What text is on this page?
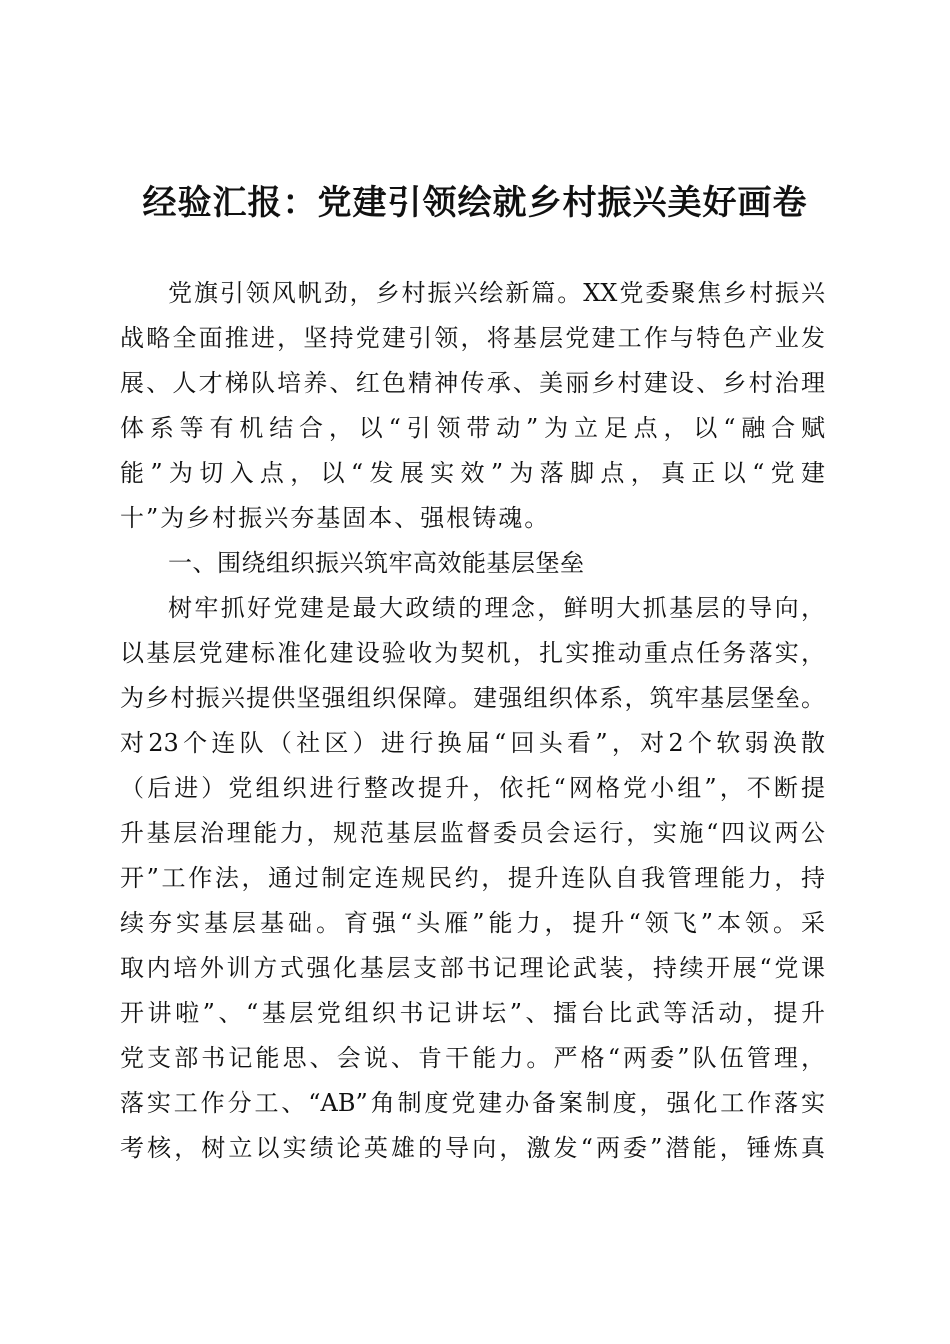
经验汇报：党建引领绘就乡村振兴美好画卷

党旗引领风帆劲，乡村振兴绘新篇。XX党委聚焦乡村振兴

战略全面推进，坚持党建引领，将基层党建工作与特色产业发

展、人才梯队培养、红色精神传承、美丽乡村建设、乡村治理

体系等有机结合，以“引领带动”为立足点，以“融合赋

能”为切入点，以“发展实效”为落脚点，真正以“党建

十”为乡村振兴夯基固本、强根铸魂。

一、围绕组织振兴筑牢高效能基层堡垒

树牢抓好党建是最大政绩的理念，鲜明大抓基层的导向，

以基层党建标准化建设验收为契机，扎实推动重点任务落实，

为乡村振兴提供坚强组织保障。建强组织体系，筑牢基层堡垒。

对23个连队（社区）进行换届“回头看”，对2个软弱涣散

（后进）党组织进行整改提升，依托“网格党小组”，不断提

升基层治理能力，规范基层监督委员会运行，实施“四议两公

开”工作法，通过制定连规民约，提升连队自我管理能力，持

续夯实基层基础。育强“头雁”能力，提升“领飞”本领。采

取内培外训方式强化基层支部书记理论武装，持续开展“党课

开讲啦”、“基层党组织书记讲坛”、擂台比武等活动，提升

党支部书记能思、会说、肯干能力。严格“两委”队伍管理，

落实工作分工、“AB”角制度党建办备案制度，强化工作落实

考核，树立以实绩论英雄的导向，激发“两委”潜能，锤炼真
